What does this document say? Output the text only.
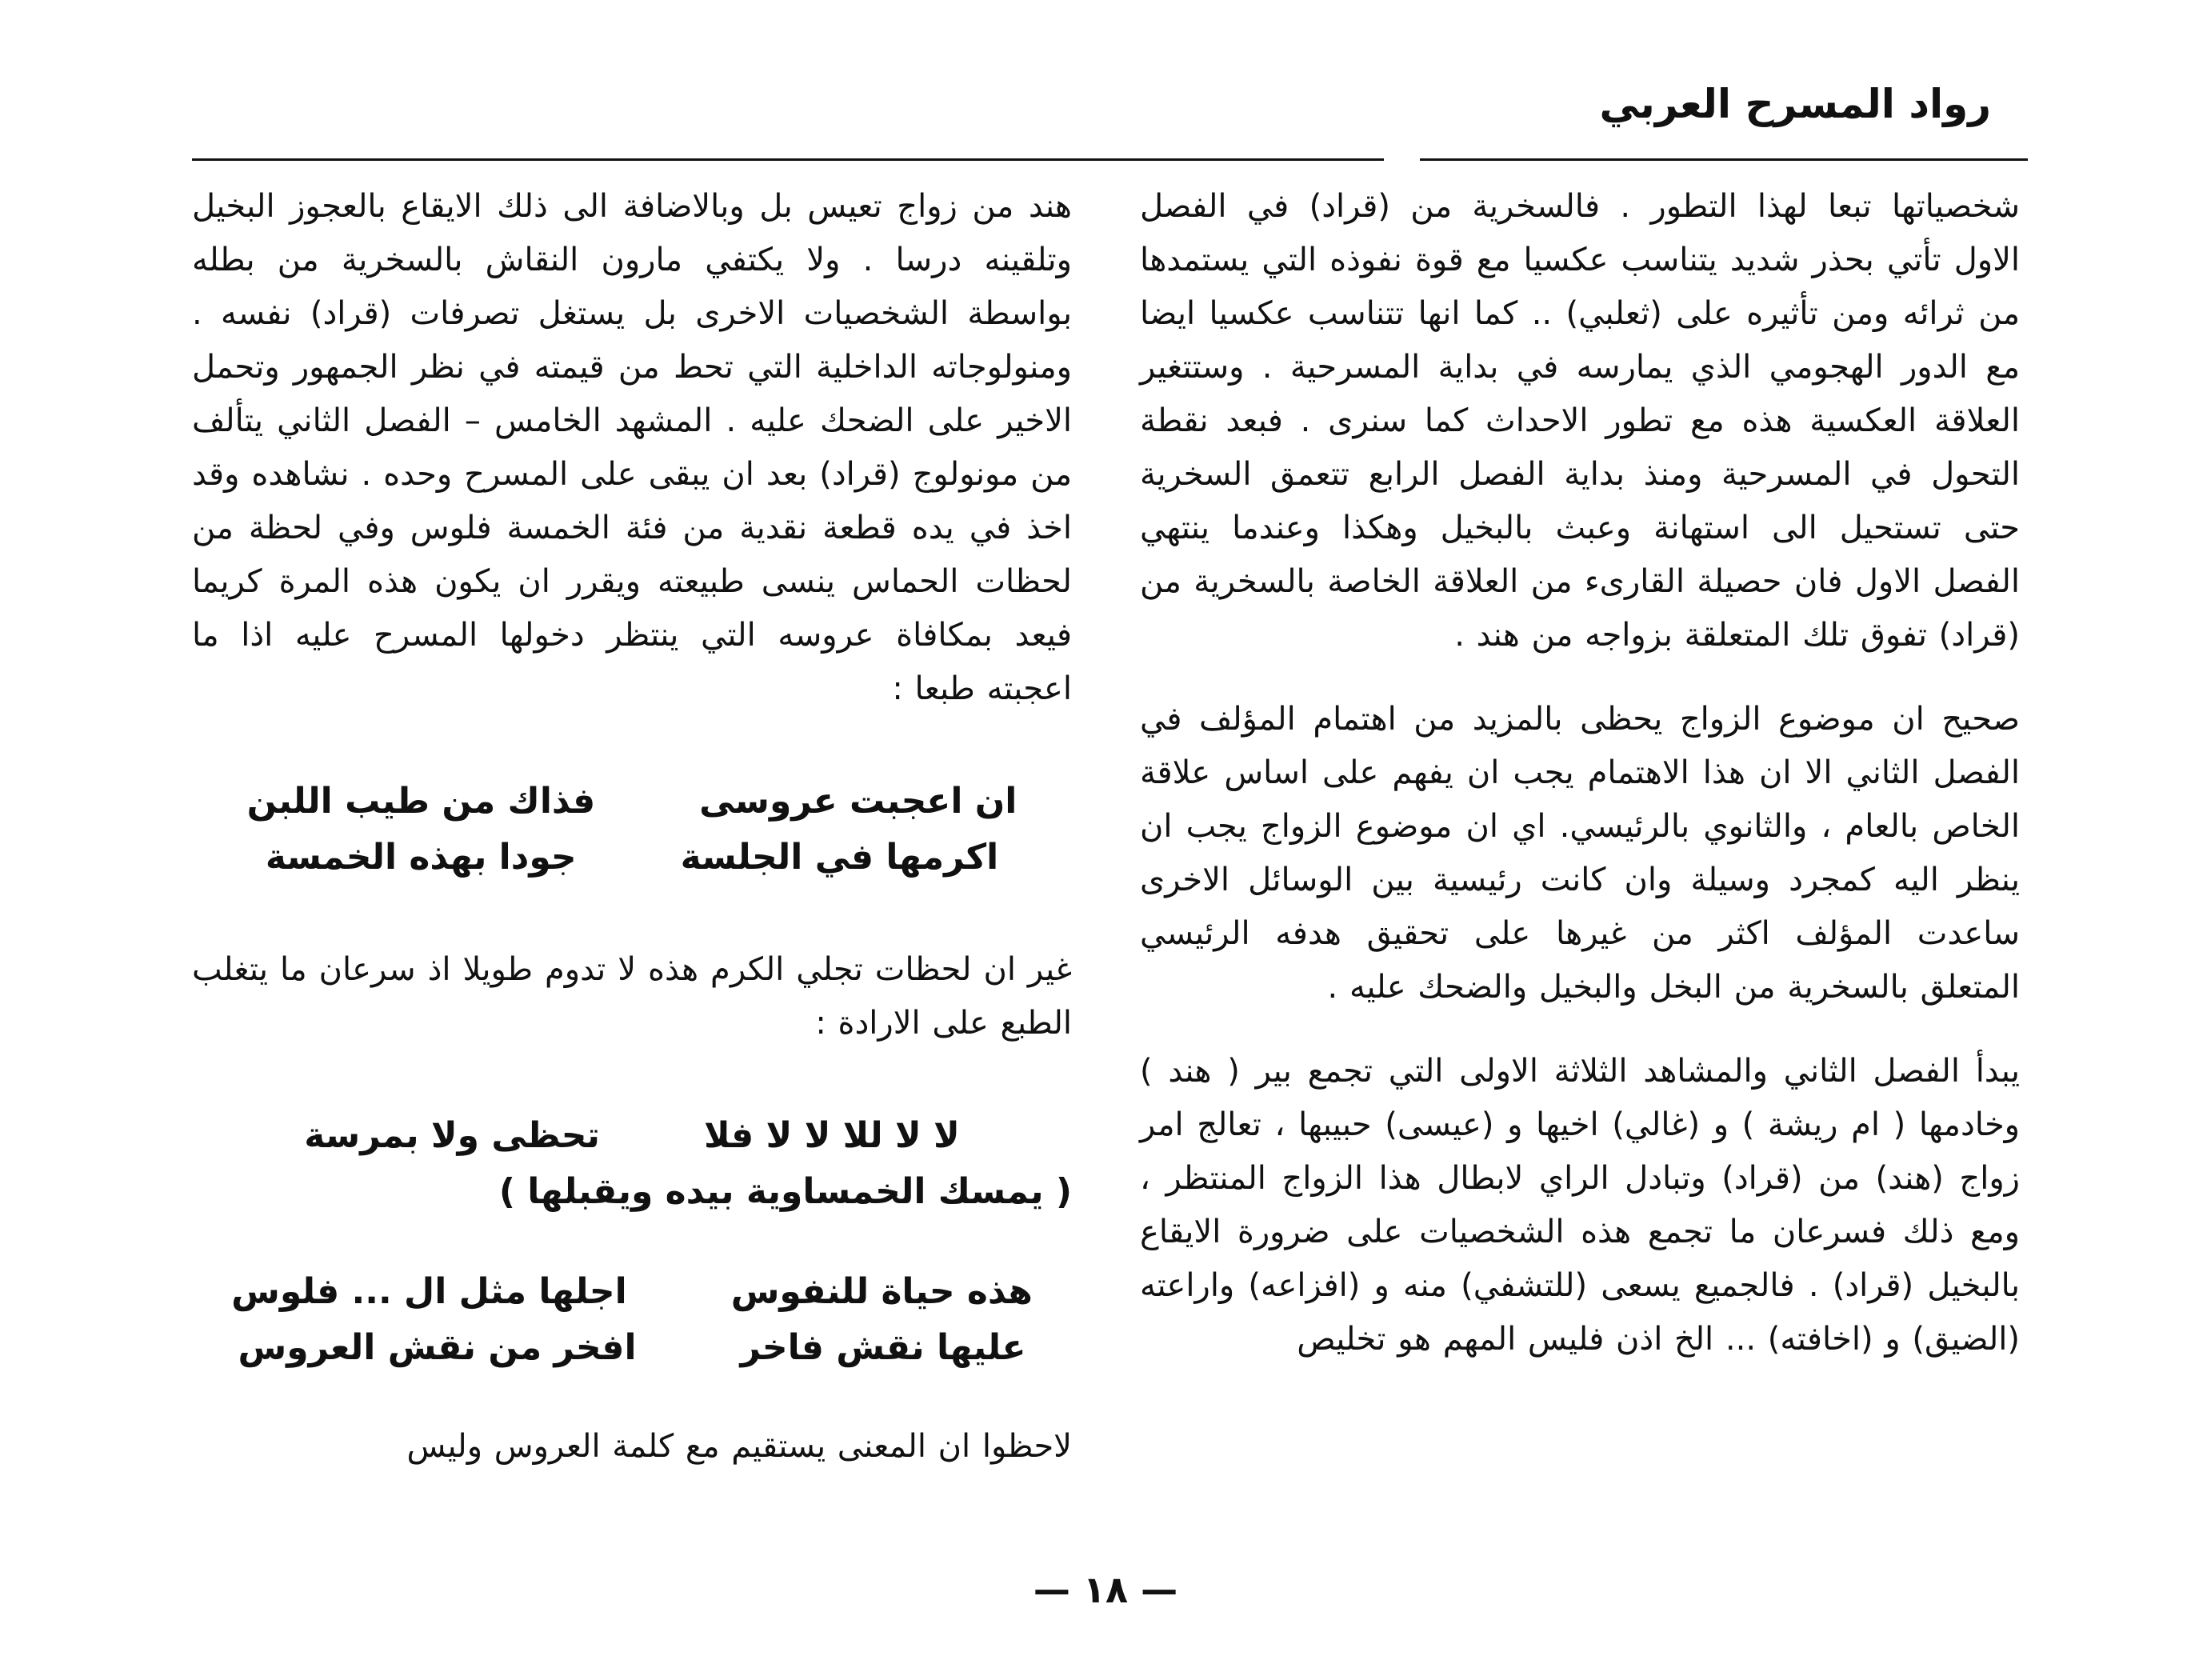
رواد المسرح العربي

شخصياتها تبعا لهذا التطور . فالسخرية من (قراد) في الفصل الاول تأتي بحذر شديد يتناسب عكسيا مع قوة نفوذه التي يستمدها من ثرائه ومن تأثيره على (ثعلبي) .. كما انها تتناسب عكسيا ايضا مع الدور الهجومي الذي يمارسه في بداية المسرحية . وستتغير العلاقة العكسية هذه مع تطور الاحداث كما سنرى . فبعد نقطة التحول في المسرحية ومنذ بداية الفصل الرابع تتعمق السخرية حتى تستحيل الى استهانة وعبث بالبخيل وهكذا وعندما ينتهي الفصل الاول فان حصيلة القارىء من العلاقة الخاصة بالسخرية من (قراد) تفوق تلك المتعلقة بزواجه من هند .

صحيح ان موضوع الزواج يحظى بالمزيد من اهتمام المؤلف في الفصل الثاني الا ان هذا الاهتمام يجب ان يفهم على اساس علاقة الخاص بالعام ، والثانوي بالرئيسي. اي ان موضوع الزواج يجب ان ينظر اليه كمجرد وسيلة وان كانت رئيسية بين الوسائل الاخرى ساعدت المؤلف اكثر من غيرها على تحقيق هدفه الرئيسي المتعلق بالسخرية من البخل والبخيل والضحك عليه .

يبدأ الفصل الثاني والمشاهد الثلاثة الاولى التي تجمع بير ( هند ) وخادمها ( ام ريشة ) و (غالي) اخيها و (عيسى) حبيبها ، تعالج امر زواج (هند) من (قراد) وتبادل الراي لابطال هذا الزواج المنتظر ، ومع ذلك فسرعان ما تجمع هذه الشخصيات على ضرورة الايقاع بالبخيل (قراد) . فالجميع يسعى (للتشفي) منه و (افزاعه) واراعته (الضيق) و (اخافته) ... الخ اذن فليس المهم هو تخليص

هند من زواج تعيس بل وبالاضافة الى ذلك الايقاع بالعجوز البخيل وتلقينه درسا . ولا يكتفي مارون النقاش بالسخرية من بطله بواسطة الشخصيات الاخرى بل يستغل تصرفات (قراد) نفسه . ومنولوجاته الداخلية التي تحط من قيمته في نظر الجمهور وتحمل الاخير على الضحك عليه . المشهد الخامس – الفصل الثاني يتألف من مونولوج (قراد) بعد ان يبقى على المسرح وحده . نشاهده وقد اخذ في يده قطعة نقدية من فئة الخمسة فلوس وفي لحظة من لحظات الحماس ينسى طبيعته ويقرر ان يكون هذه المرة كريما فيعد بمكافاة عروسه التي ينتظر دخولها المسرح عليه اذا ما اعجبته طبعا :

ان اعجبت عروسى
فذاك من طيب اللبن
اكرمها في الجلسة
جودا بهذه الخمسة

غير ان لحظات تجلي الكرم هذه لا تدوم طويلا اذ سرعان ما يتغلب الطبع على الارادة :

لا لا للا لا لا فلا
تحظى ولا بمرسة
( يمسك الخمساوية بيده ويقبلها )
هذه حياة للنفوس
اجلها مثل ال ... فلوس
عليها نقش فاخر
افخر من نقش العروس

لاحظوا ان المعنى يستقيم مع كلمة العروس وليس

— ١٨ —
